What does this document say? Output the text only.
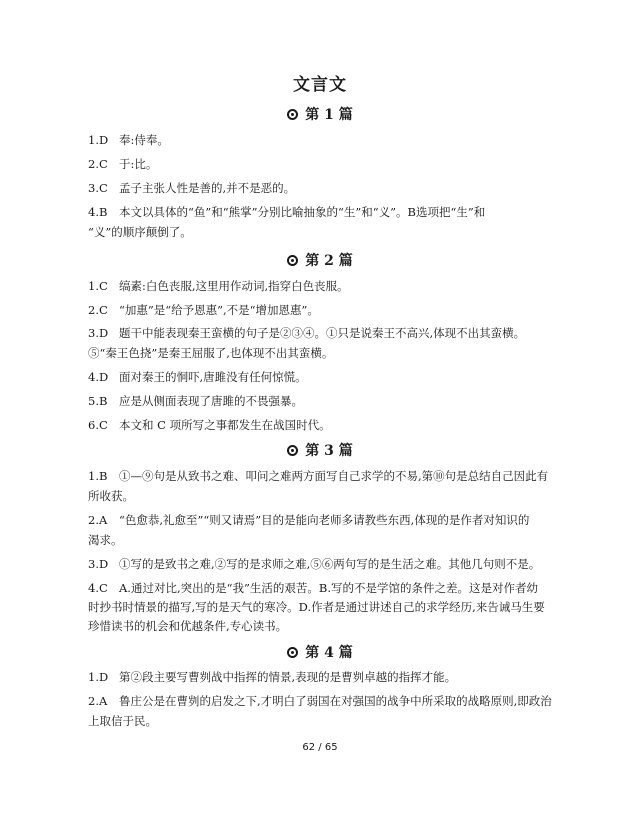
文言文
第 1 篇
1.D 奉:侍奉。
2.C 于:比。
3.C 孟子主张人性是善的,并不是恶的。
4.B 本文以具体的“鱼”和“熊掌”分别比喻抽象的“生”和“义”。B选项把“生”和
“义”的顺序颠倒了。
第 2 篇
1.C 缟素:白色丧服,这里用作动词,指穿白色丧服。
2.C “加惠”是“给予恩惠”,不是“增加恩惠”。
3.D 题干中能表现秦王蛮横的句子是②③④。①只是说秦王不高兴,体现不出其蛮横。
⑤“秦王色挠”是秦王屈服了,也体现不出其蛮横。
4.D 面对秦王的恫吓,唐雎没有任何惊慌。
5.B 应是从侧面表现了唐雎的不畏强暴。
6.C 本文和 C 项所写之事都发生在战国时代。
第 3 篇
1.B ①—⑨句是从致书之难、叩问之难两方面写自己求学的不易,第⑩句是总结自己因此有
所收获。
2.A “色愈恭,礼愈至”“则又请焉”目的是能向老师多请教些东西,体现的是作者对知识的
渴求。
3.D ①写的是致书之难,②写的是求师之难,⑤⑥两句写的是生活之难。其他几句则不是。
4.C A.通过对比,突出的是“我”生活的艰苦。B.写的不是学馆的条件之差。这是对作者幼
时抄书时情景的描写,写的是天气的寒冷。D.作者是通过讲述自己的求学经历,来告诫马生要
珍惜读书的机会和优越条件,专心读书。
第 4 篇
1.D 第②段主要写曹刿战中指挥的情景,表现的是曹刿卓越的指挥才能。
2.A 鲁庄公是在曹刿的启发之下,才明白了弱国在对强国的战争中所采取的战略原则,即政治
上取信于民。
62 / 65
